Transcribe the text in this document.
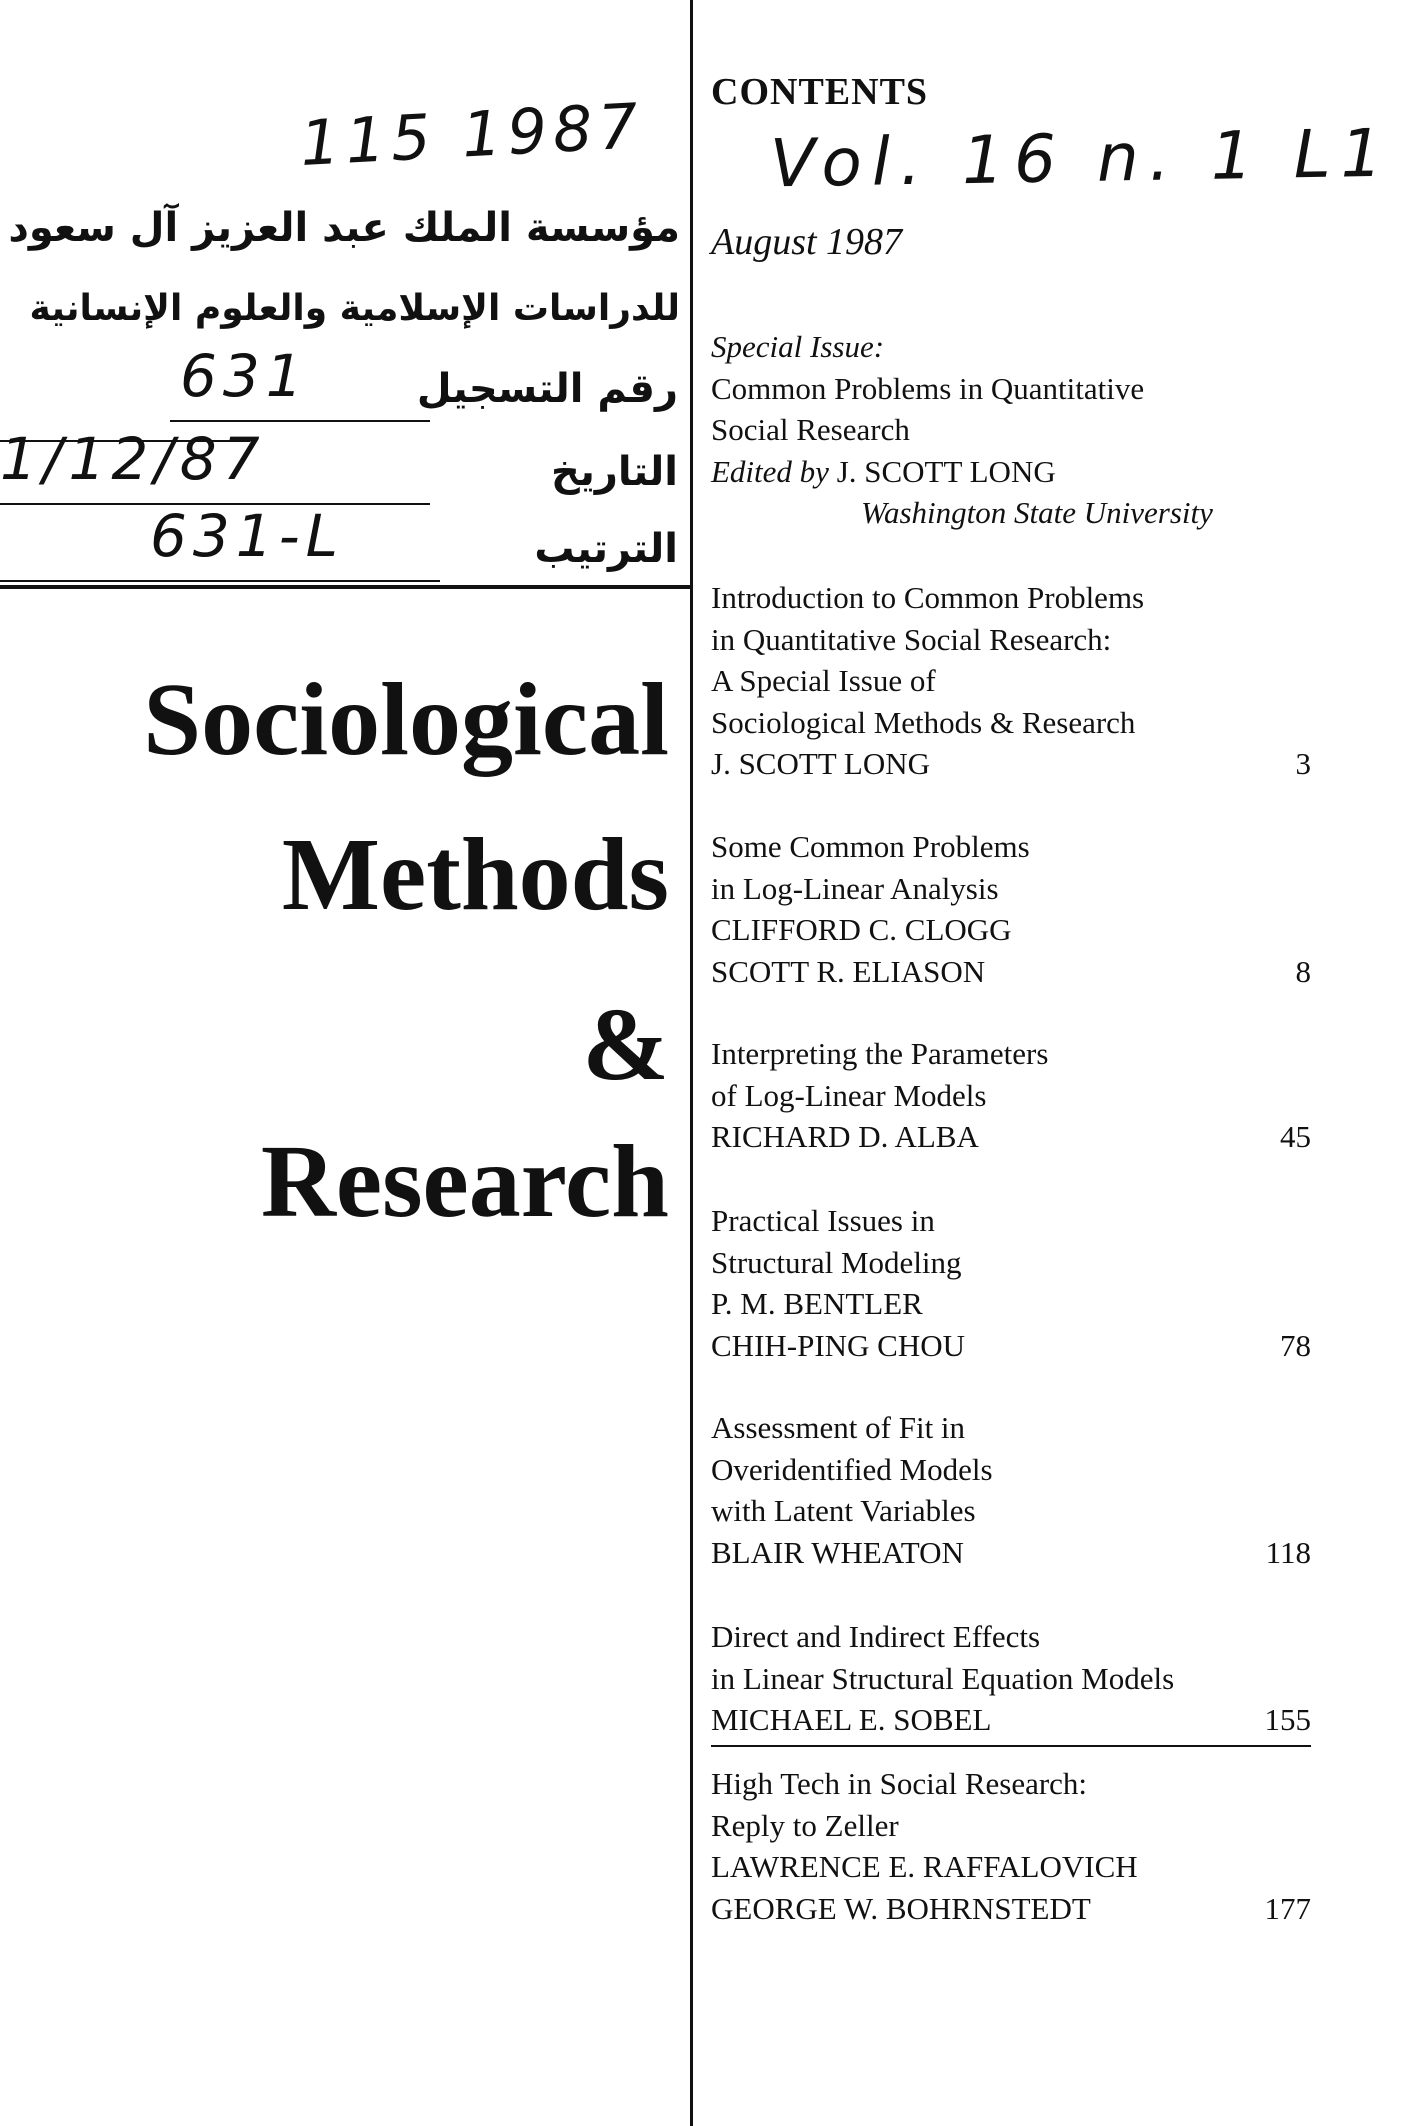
115 1987 Vol. 16 n. 1 L1
مؤسسة الملك عبد العزيز آل سعود
للدراسات الإسلامية والعلوم الإنسانية
631	رقم التسجيل
1/12/87	التاريخ
631-L	الترتيب
Sociological
Methods
&
Research
CONTENTS
August 1987
Special Issue:
Common Problems in Quantitative
Social Research
Edited by J. SCOTT LONG
Washington State University
Introduction to Common Problems
in Quantitative Social Research:
A Special Issue of
Sociological Methods & Research
J. SCOTT LONG	3
Some Common Problems
in Log-Linear Analysis
CLIFFORD C. CLOGG
SCOTT R. ELIASON	8
Interpreting the Parameters
of Log-Linear Models
RICHARD D. ALBA	45
Practical Issues in
Structural Modeling
P. M. BENTLER
CHIH-PING CHOU	78
Assessment of Fit in
Overidentified Models
with Latent Variables
BLAIR WHEATON	118
Direct and Indirect Effects
in Linear Structural Equation Models
MICHAEL E. SOBEL	155
High Tech in Social Research:
Reply to Zeller
LAWRENCE E. RAFFALOVICH
GEORGE W. BOHRNSTEDT	177
